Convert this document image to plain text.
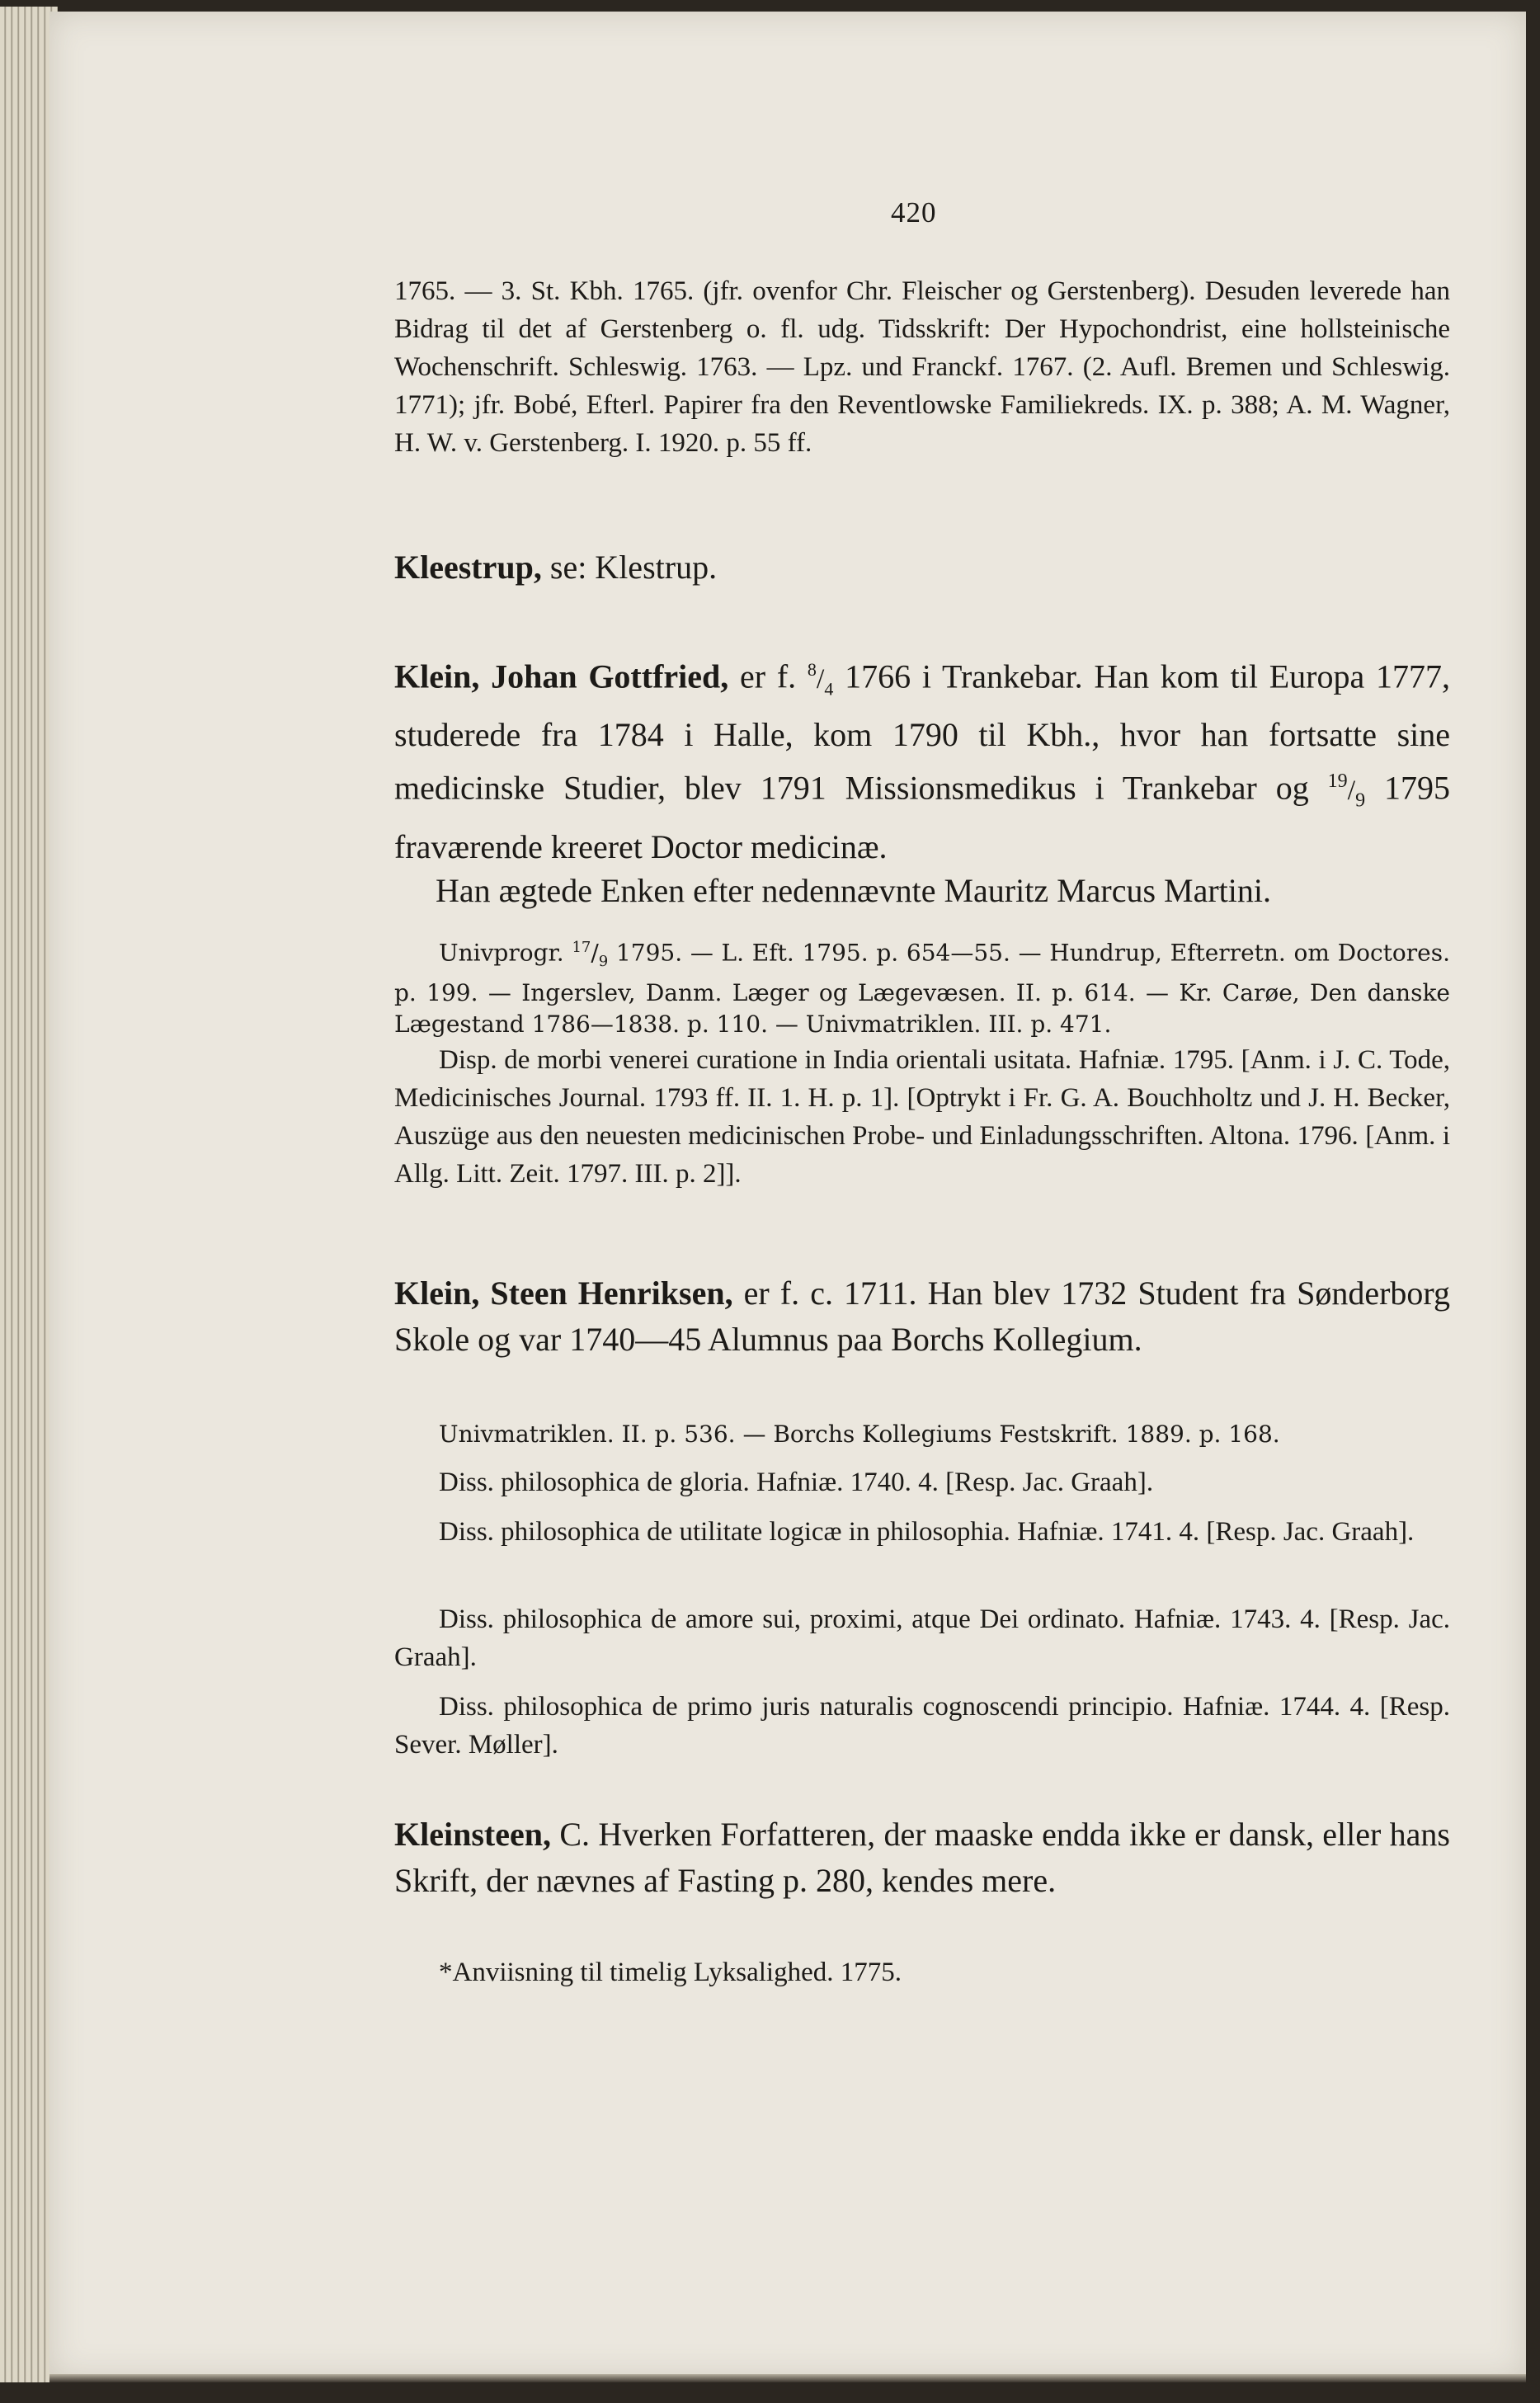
420
1765. — 3. St. Kbh. 1765. (jfr. ovenfor Chr. Fleischer og Gerstenberg). Desuden leverede han Bidrag til det af Gerstenberg o. fl. udg. Tidsskrift: Der Hypochondrist, eine hollsteinische Wochenschrift. Schleswig. 1763. — Lpz. und Franckf. 1767. (2. Aufl. Bremen und Schleswig. 1771); jfr. Bobé, Efterl. Papirer fra den Reventlowske Familiekreds. IX. p. 388; A. M. Wagner, H. W. v. Gerstenberg. I. 1920. p. 55 ff.
Kleestrup, se: Klestrup.
Klein, Johan Gottfried, er f. $^8/_4$ 1766 i Trankebar. Han kom til Europa 1777, studerede fra 1784 i Halle, kom 1790 til Kbh., hvor han fortsatte sine medicinske Studier, blev 1791 Missionsmedikus i Trankebar og $^{19}/_9$ 1795 fraværende kreeret Doctor medicinæ.
Han ægtede Enken efter nedennævnte Mauritz Marcus Martini.
Univprogr. $^{17}/_9$ 1795. — L. Eft. 1795. p. 654—55. — Hundrup, Efterretn. om Doctores. p. 199. — Ingerslev, Danm. Læger og Lægevæsen. II. p. 614. — Kr. Carøe, Den danske Lægestand 1786—1838. p. 110. — Univmatriklen. III. p. 471.
Disp. de morbi venerei curatione in India orientali usitata. Hafniæ. 1795. [Anm. i J. C. Tode, Medicinisches Journal. 1793 ff. II. 1. H. p. 1]. [Optrykt i Fr. G. A. Bouchholtz und J. H. Becker, Auszüge aus den neuesten medicinischen Probe- und Einladungsschriften. Altona. 1796. [Anm. i Allg. Litt. Zeit. 1797. III. p. 2]].
Klein, Steen Henriksen, er f. c. 1711. Han blev 1732 Student fra Sønderborg Skole og var 1740—45 Alumnus paa Borchs Kollegium.
Univmatriklen. II. p. 536. — Borchs Kollegiums Festskrift. 1889. p. 168.
Diss. philosophica de gloria. Hafniæ. 1740. 4. [Resp. Jac. Graah].
Diss. philosophica de utilitate logicæ in philosophia. Hafniæ. 1741. 4. [Resp. Jac. Graah].
Diss. philosophica de amore sui, proximi, atque Dei ordinato. Hafniæ. 1743. 4. [Resp. Jac. Graah].
Diss. philosophica de primo juris naturalis cognoscendi principio. Hafniæ. 1744. 4. [Resp. Sever. Møller].
Kleinsteen, C. Hverken Forfatteren, der maaske endda ikke er dansk, eller hans Skrift, der nævnes af Fasting p. 280, kendes mere.
*Anviisning til timelig Lyksalighed. 1775.
